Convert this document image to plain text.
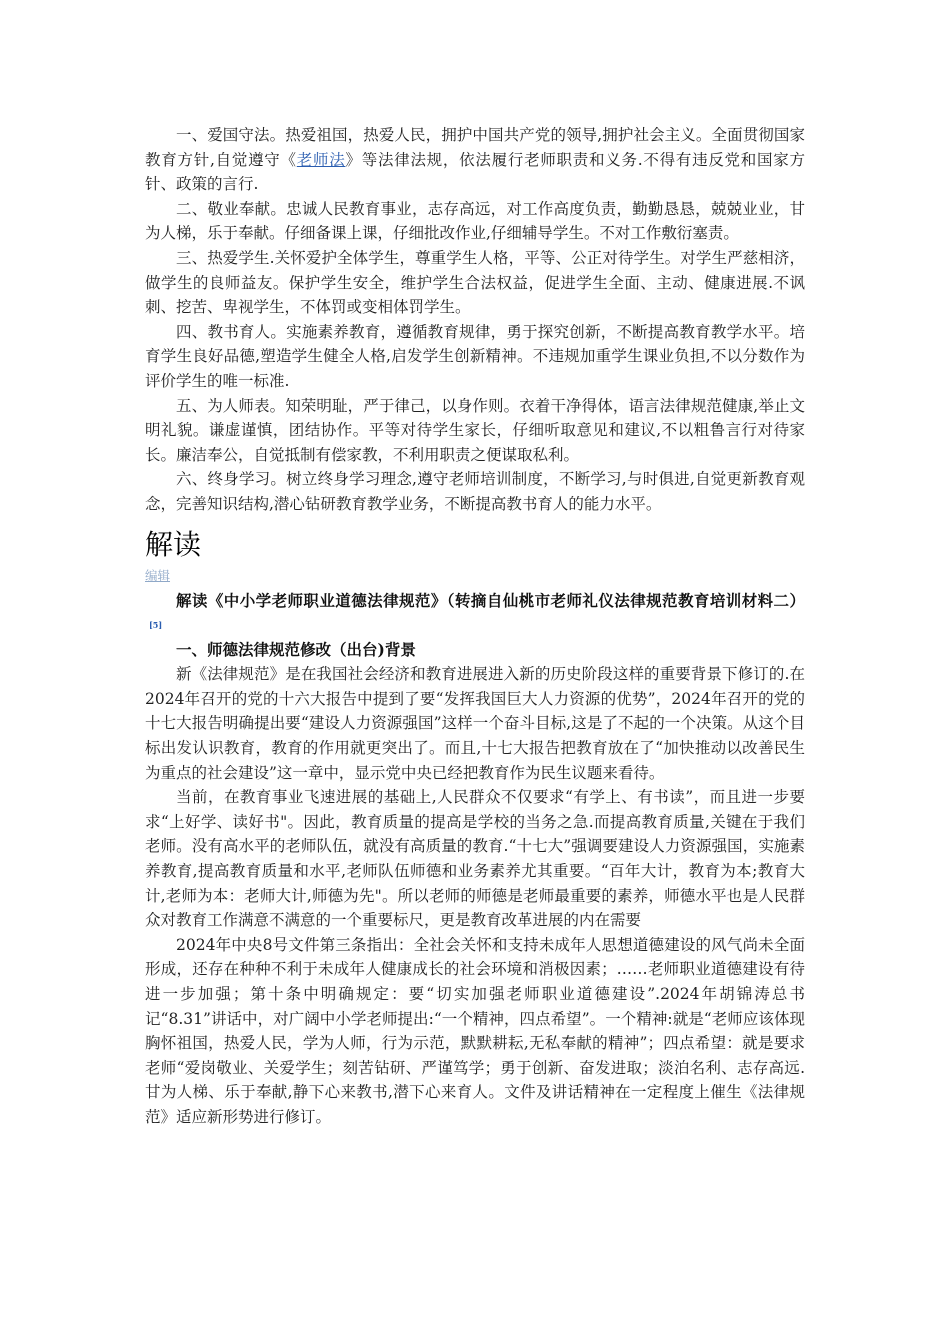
一、爱国守法。热爱祖国，热爱人民，拥护中国共产党的领导,拥护社会主义。全面贯彻国家教育方针,自觉遵守《老师法》等法律法规，依法履行老师职责和义务.不得有违反党和国家方针、政策的言行.

二、敬业奉献。忠诚人民教育事业，志存高远，对工作高度负责，勤勤恳恳，兢兢业业，甘为人梯，乐于奉献。仔细备课上课，仔细批改作业,仔细辅导学生。不对工作敷衍塞责。

三、热爱学生.关怀爱护全体学生，尊重学生人格，平等、公正对待学生。对学生严慈相济，做学生的良师益友。保护学生安全，维护学生合法权益，促进学生全面、主动、健康进展.不讽刺、挖苦、卑视学生，不体罚或变相体罚学生。

四、教书育人。实施素养教育，遵循教育规律，勇于探究创新，不断提高教育教学水平。培育学生良好品德,塑造学生健全人格,启发学生创新精神。不违规加重学生课业负担,不以分数作为评价学生的唯一标准.

五、为人师表。知荣明耻，严于律己，以身作则。衣着干净得体，语言法律规范健康,举止文明礼貌。谦虚谨慎，团结协作。平等对待学生家长，仔细听取意见和建议,不以粗鲁言行对待家长。廉洁奉公，自觉抵制有偿家教，不利用职责之便谋取私利。

六、终身学习。树立终身学习理念,遵守老师培训制度，不断学习,与时俱进,自觉更新教育观念，完善知识结构,潜心钻研教育教学业务，不断提高教书育人的能力水平。

解读
编辑

解读《中小学老师职业道德法律规范》（转摘自仙桃市老师礼仪法律规范教育培训材料二）[5]

一、师德法律规范修改（出台)背景

新《法律规范》是在我国社会经济和教育进展进入新的历史阶段这样的重要背景下修订的.在2024年召开的党的十六大报告中提到了要“发挥我国巨大人力资源的优势”，2024年召开的党的十七大报告明确提出要“建设人力资源强国”这样一个奋斗目标,这是了不起的一个决策。从这个目标出发认识教育，教育的作用就更突出了。而且,十七大报告把教育放在了“加快推动以改善民生为重点的社会建设”这一章中，显示党中央已经把教育作为民生议题来看待。

当前，在教育事业飞速进展的基础上,人民群众不仅要求“有学上、有书读”，而且进一步要求“上好学、读好书"。因此，教育质量的提高是学校的当务之急.而提高教育质量,关键在于我们老师。没有高水平的老师队伍，就没有高质量的教育.“十七大”强调要建设人力资源强国，实施素养教育,提高教育质量和水平,老师队伍师德和业务素养尤其重要。“百年大计，教育为本;教育大计,老师为本：老师大计,师德为先"。所以老师的师德是老师最重要的素养，师德水平也是人民群众对教育工作满意不满意的一个重要标尺，更是教育改革进展的内在需要

2024年中央8号文件第三条指出：全社会关怀和支持未成年人思想道德建设的风气尚未全面形成，还存在种种不利于未成年人健康成长的社会环境和消极因素；……老师职业道德建设有待进一步加强；第十条中明确规定：要“切实加强老师职业道德建设”.2024年胡锦涛总书记“8.31”讲话中，对广阔中小学老师提出:“一个精神，四点希望”。一个精神:就是“老师应该体现胸怀祖国，热爱人民，学为人师，行为示范，默默耕耘,无私奉献的精神”；四点希望：就是要求老师“爱岗敬业、关爱学生；刻苦钻研、严谨笃学；勇于创新、奋发进取；淡泊名利、志存高远.甘为人梯、乐于奉献,静下心来教书,潜下心来育人。文件及讲话精神在一定程度上催生《法律规范》适应新形势进行修订。
